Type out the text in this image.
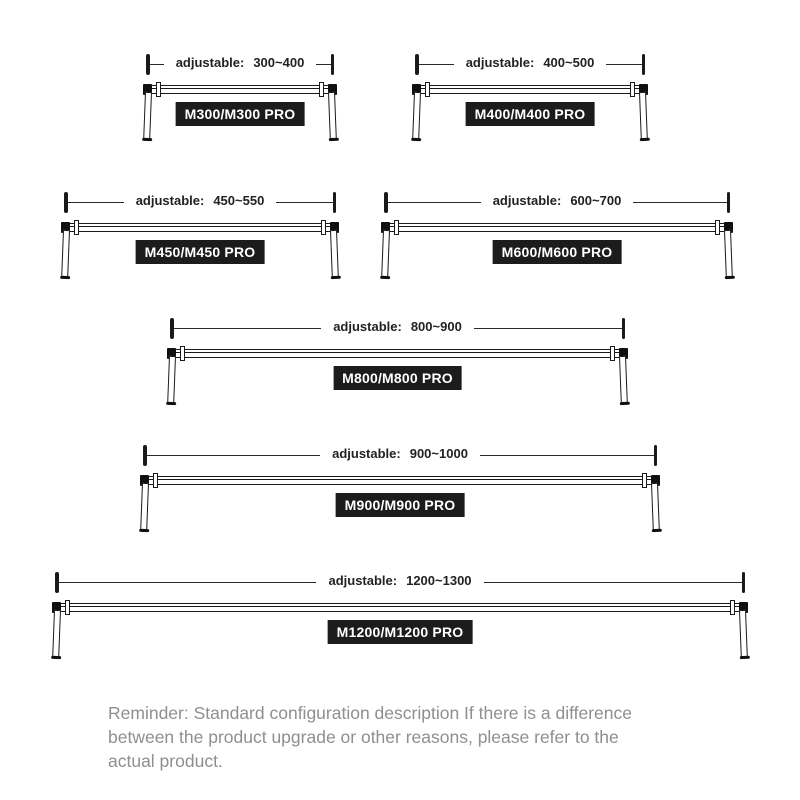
adjustable: 300~400
M300/M300 PRO
adjustable: 400~500
M400/M400 PRO
adjustable: 450~550
M450/M450 PRO
adjustable: 600~700
M600/M600 PRO
adjustable: 800~900
M800/M800 PRO
adjustable: 900~1000
M900/M900 PRO
adjustable: 1200~1300
M1200/M1200 PRO
Reminder: Standard configuration description If there is a difference
between the product upgrade or other reasons, please refer to the
actual product.
